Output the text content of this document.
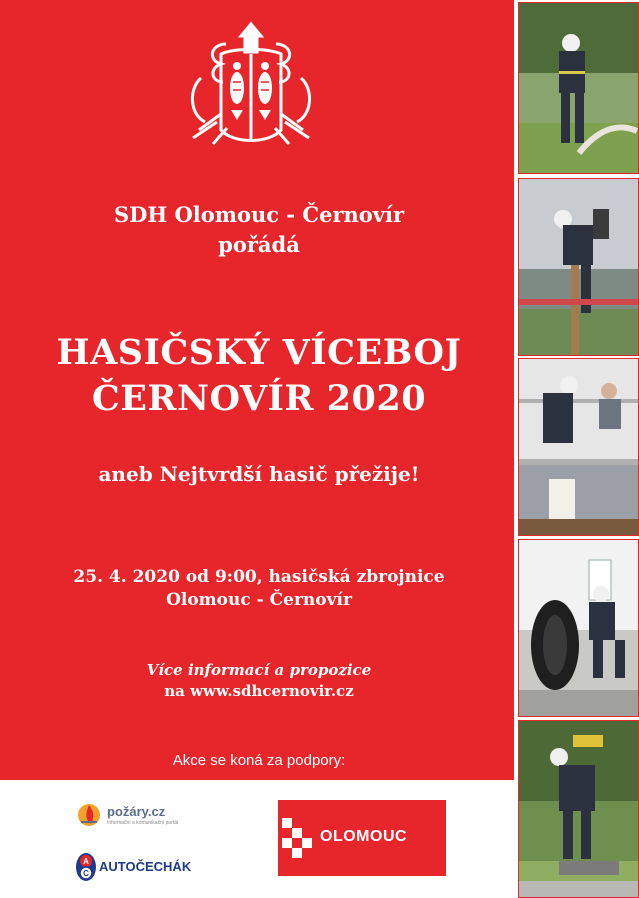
SDH Olomouc - Černovír
pořádá
HASIČSKÝ VÍCEBOJ
ČERNOVÍR 2020
aneb Nejtvrdší hasič přežije!
25. 4. 2020 od 9:00, hasičská zbrojnice
Olomouc - Černovír
Více informací a propozice
na www.sdhcernovir.cz
Akce se koná za podpory:
požáry.cz
Informační a komunikační portál
A
C AUTOČECHÁK
OLOMOUC
